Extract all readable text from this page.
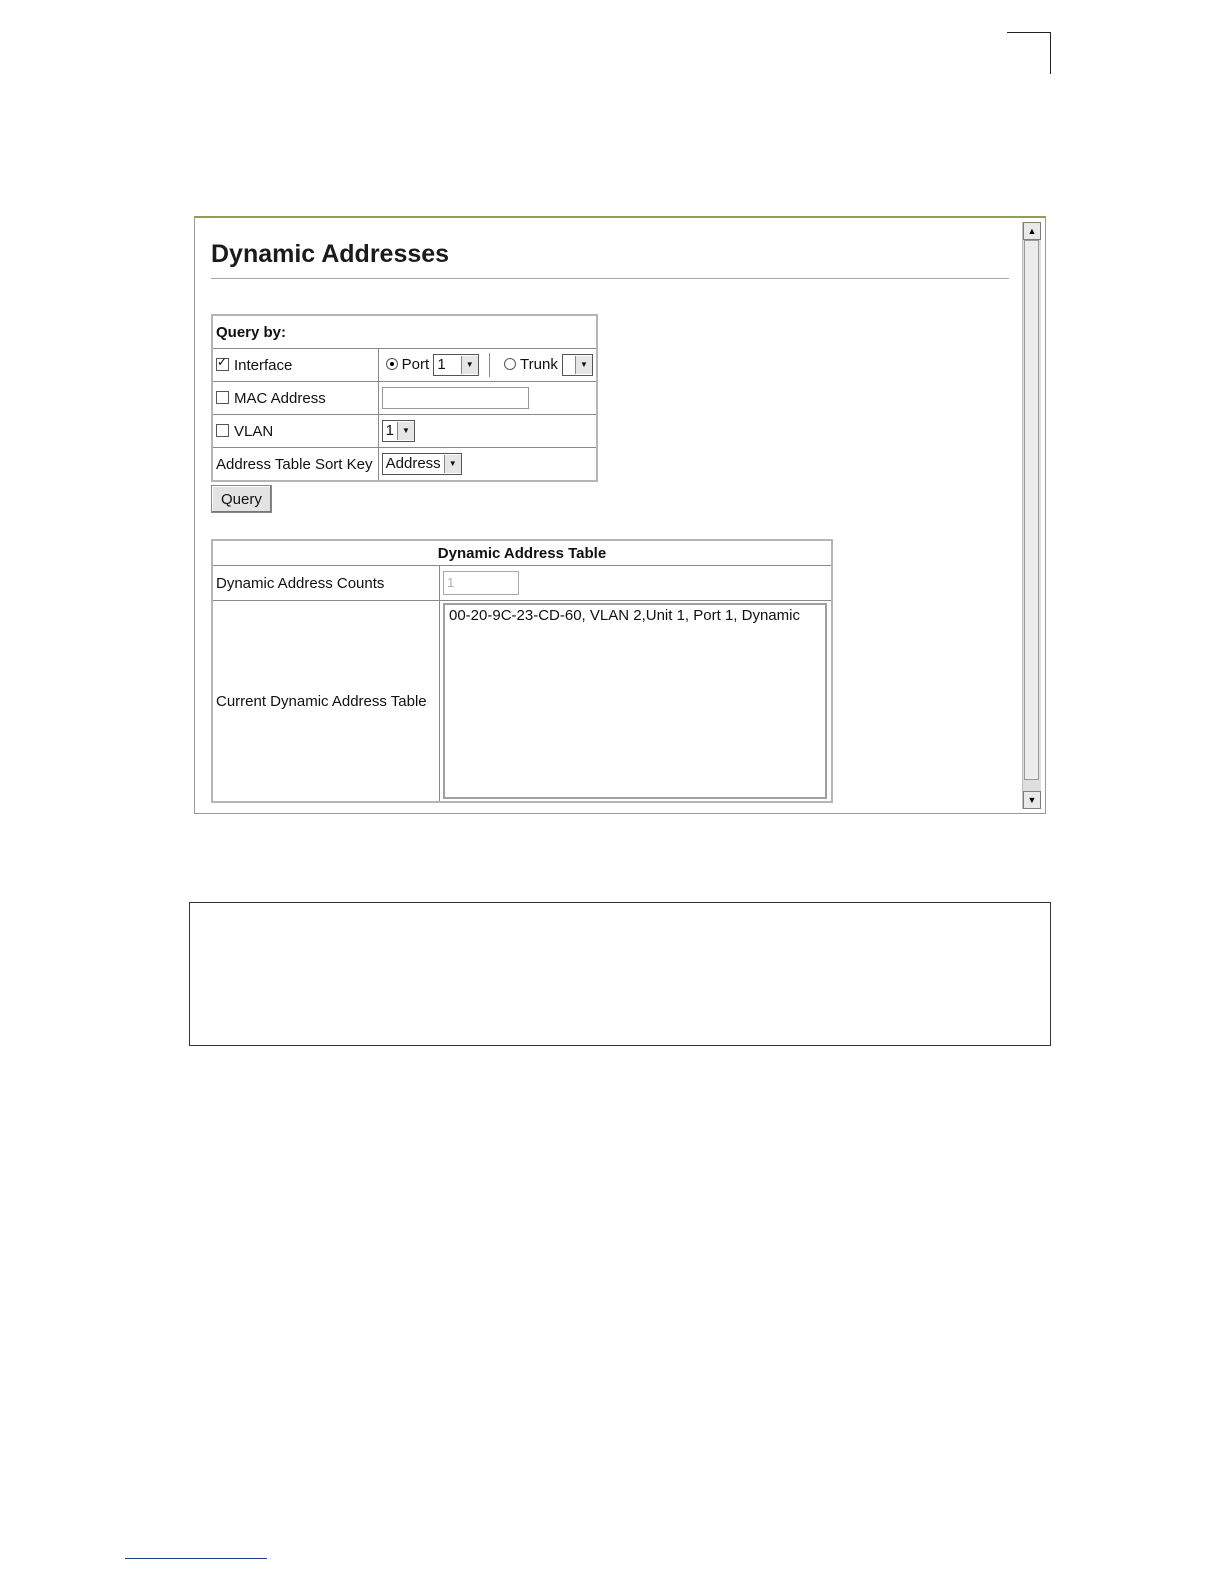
Dynamic Addresses
Query by:	
✓Interface	Port 1 ▼ Trunk ▼
MAC Address	
VLAN	1 ▼
Address Table Sort Key	Address ▼
Query
Dynamic Address Table	
Dynamic Address Counts	1
Current Dynamic Address Table	00-20-9C-23-CD-60, VLAN 2,Unit 1, Port 1, Dynamic
▲
▼
